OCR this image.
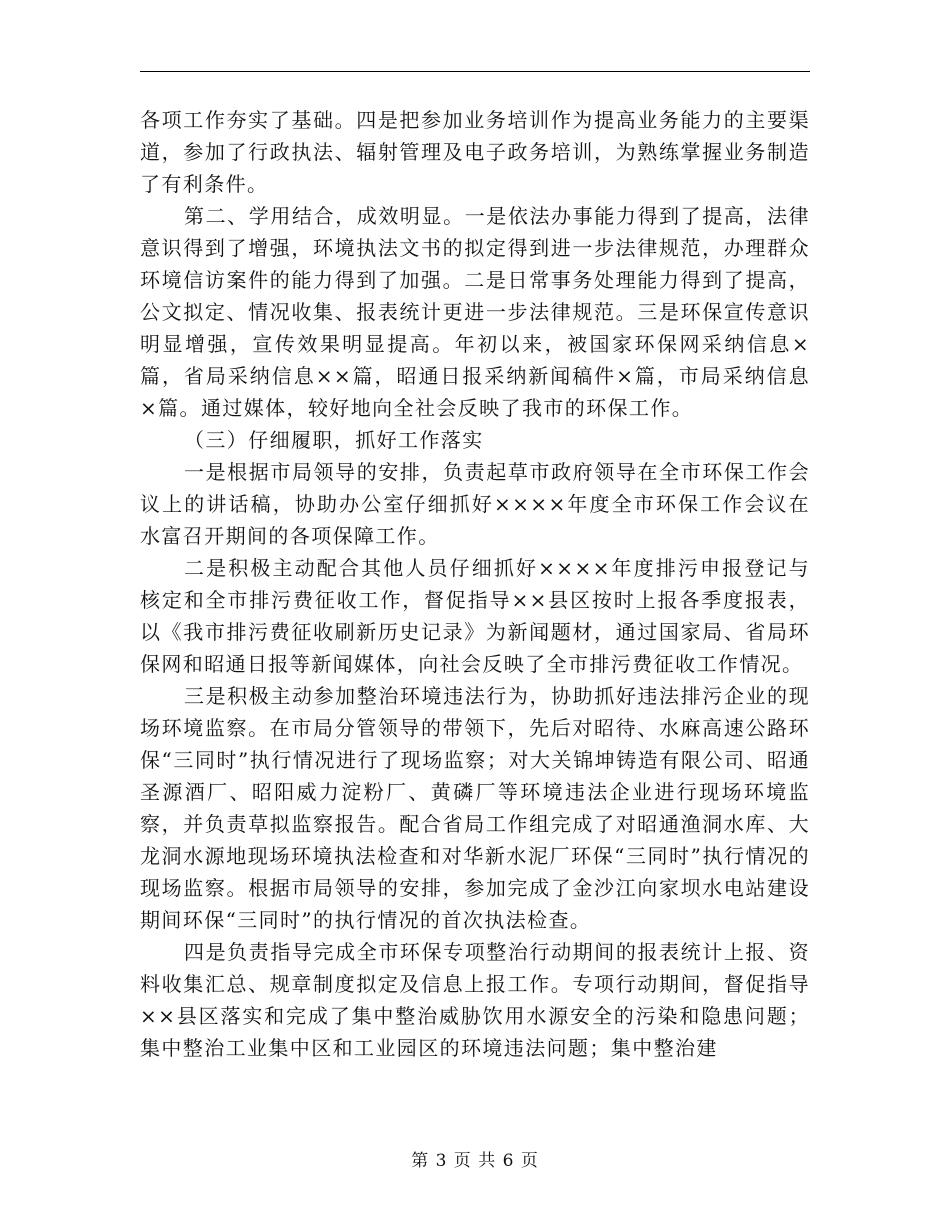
各项工作夯实了基础。四是把参加业务培训作为提高业务能力的主要渠道，参加了行政执法、辐射管理及电子政务培训，为熟练掌握业务制造了有利条件。

第二、学用结合，成效明显。一是依法办事能力得到了提高，法律意识得到了增强，环境执法文书的拟定得到进一步法律规范，办理群众环境信访案件的能力得到了加强。二是日常事务处理能力得到了提高，公文拟定、情况收集、报表统计更进一步法律规范。三是环保宣传意识明显增强，宣传效果明显提高。年初以来，被国家环保网采纳信息×篇，省局采纳信息××篇，昭通日报采纳新闻稿件×篇，市局采纳信息×篇。通过媒体，较好地向全社会反映了我市的环保工作。

（三）仔细履职，抓好工作落实

一是根据市局领导的安排，负责起草市政府领导在全市环保工作会议上的讲话稿，协助办公室仔细抓好××××年度全市环保工作会议在水富召开期间的各项保障工作。

二是积极主动配合其他人员仔细抓好××××年度排污申报登记与核定和全市排污费征收工作，督促指导××县区按时上报各季度报表，以《我市排污费征收刷新历史记录》为新闻题材，通过国家局、省局环保网和昭通日报等新闻媒体，向社会反映了全市排污费征收工作情况。

三是积极主动参加整治环境违法行为，协助抓好违法排污企业的现场环境监察。在市局分管领导的带领下，先后对昭待、水麻高速公路环保“三同时”执行情况进行了现场监察；对大关锦坤铸造有限公司、昭通圣源酒厂、昭阳威力淀粉厂、黄磷厂等环境违法企业进行现场环境监察，并负责草拟监察报告。配合省局工作组完成了对昭通渔洞水库、大龙洞水源地现场环境执法检查和对华新水泥厂环保“三同时”执行情况的现场监察。根据市局领导的安排，参加完成了金沙江向家坝水电站建设期间环保“三同时”的执行情况的首次执法检查。

四是负责指导完成全市环保专项整治行动期间的报表统计上报、资料收集汇总、规章制度拟定及信息上报工作。专项行动期间，督促指导××县区落实和完成了集中整治威胁饮用水源安全的污染和隐患问题；集中整治工业集中区和工业园区的环境违法问题；集中整治建

第 3 页 共 6 页
